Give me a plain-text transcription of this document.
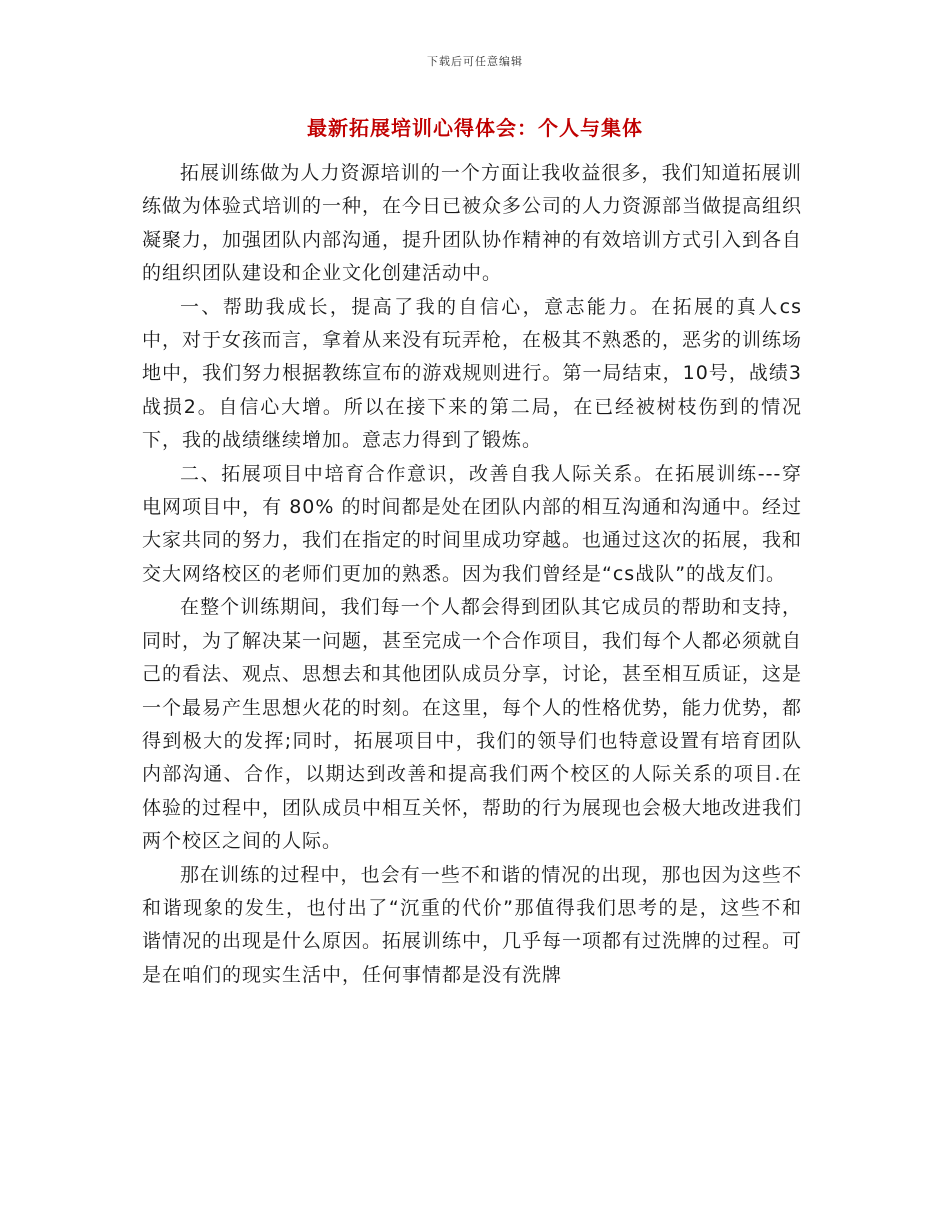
下载后可任意编辑
最新拓展培训心得体会：个人与集体

拓展训练做为人力资源培训的一个方面让我收益很多，我们知道拓展训练做为体验式培训的一种，在今日已被众多公司的人力资源部当做提高组织凝聚力，加强团队内部沟通，提升团队协作精神的有效培训方式引入到各自的组织团队建设和企业文化创建活动中。

一、帮助我成长，提高了我的自信心，意志能力。在拓展的真人cs中，对于女孩而言，拿着从来没有玩弄枪，在极其不熟悉的，恶劣的训练场地中，我们努力根据教练宣布的游戏规则进行。第一局结束，10号，战绩3战损2。自信心大增。所以在接下来的第二局，在已经被树枝伤到的情况下，我的战绩继续增加。意志力得到了锻炼。

二、拓展项目中培育合作意识，改善自我人际关系。在拓展训练---穿电网项目中，有 80% 的时间都是处在团队内部的相互沟通和沟通中。经过大家共同的努力，我们在指定的时间里成功穿越。也通过这次的拓展，我和交大网络校区的老师们更加的熟悉。因为我们曾经是“cs战队”的战友们。

在整个训练期间，我们每一个人都会得到团队其它成员的帮助和支持，同时，为了解决某一问题，甚至完成一个合作项目，我们每个人都必须就自己的看法、观点、思想去和其他团队成员分享，讨论，甚至相互质证，这是一个最易产生思想火花的时刻。在这里，每个人的性格优势，能力优势，都得到极大的发挥;同时，拓展项目中，我们的领导们也特意设置有培育团队内部沟通、合作，以期达到改善和提高我们两个校区的人际关系的项目.在体验的过程中，团队成员中相互关怀，帮助的行为展现也会极大地改进我们两个校区之间的人际。

那在训练的过程中，也会有一些不和谐的情况的出现，那也因为这些不和谐现象的发生，也付出了“沉重的代价”那值得我们思考的是，这些不和谐情况的出现是什么原因。拓展训练中，几乎每一项都有过洗牌的过程。可是在咱们的现实生活中，任何事情都是没有洗牌
